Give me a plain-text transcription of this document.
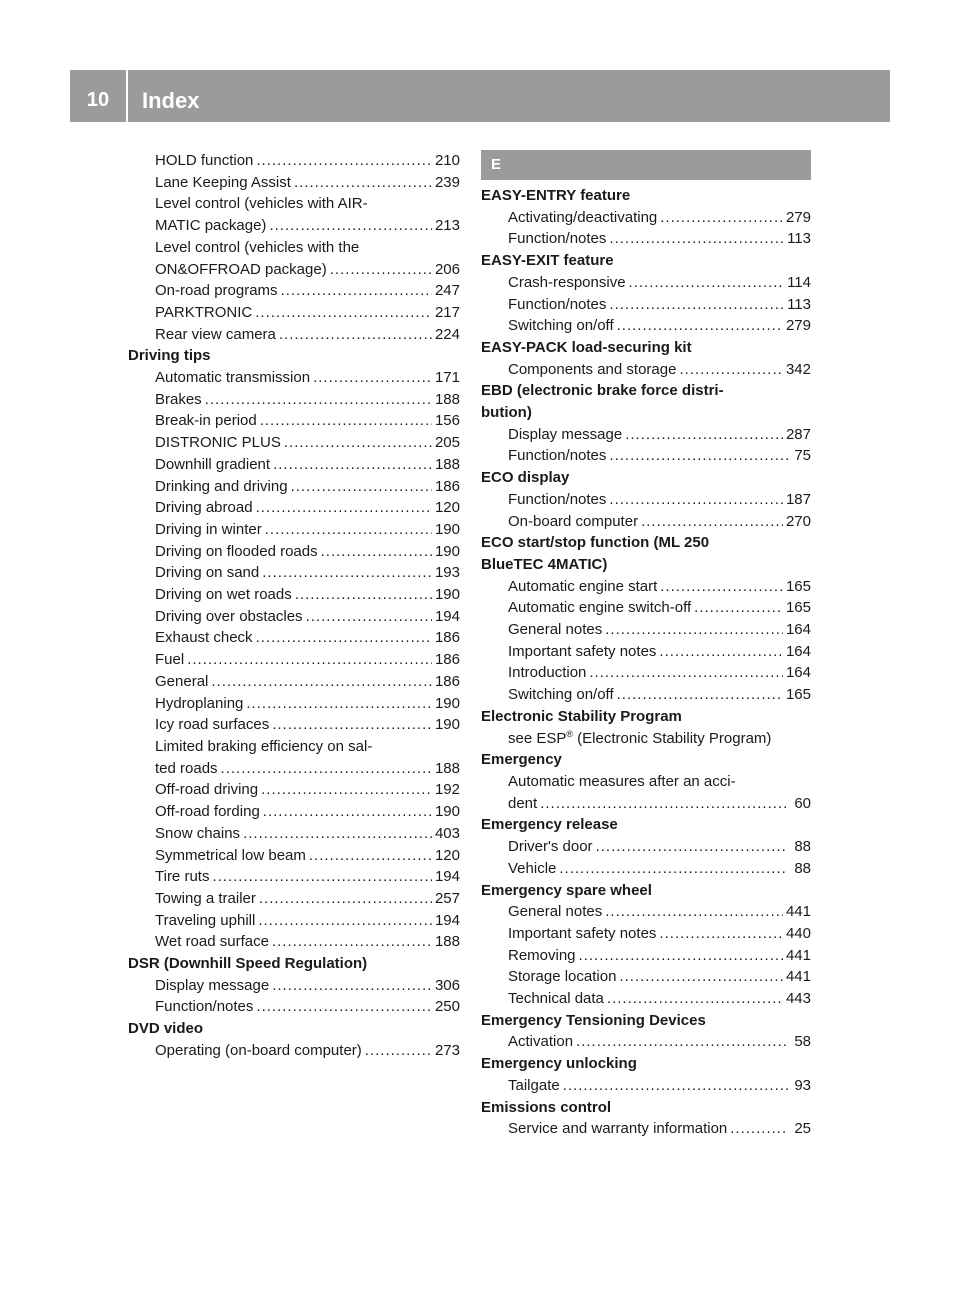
10	Index
HOLD function .....	210
Lane Keeping Assist .....	239
Level control (vehicles with AIR-
MATIC package) .....	213
Level control (vehicles with the
ON&OFFROAD package) .....	206
On-road programs .....	247
PARKTRONIC .....	217
Rear view camera .....	224
Driving tips
Automatic transmission .....	171
Brakes .....	188
Break-in period .....	156
DISTRONIC PLUS .....	205
Downhill gradient .....	188
Drinking and driving .....	186
Driving abroad .....	120
Driving in winter .....	190
Driving on flooded roads .....	190
Driving on sand .....	193
Driving on wet roads .....	190
Driving over obstacles .....	194
Exhaust check .....	186
Fuel .....	186
General .....	186
Hydroplaning .....	190
Icy road surfaces .....	190
Limited braking efficiency on sal-
ted roads .....	188
Off-road driving .....	192
Off-road fording .....	190
Snow chains .....	403
Symmetrical low beam .....	120
Tire ruts .....	194
Towing a trailer .....	257
Traveling uphill .....	194
Wet road surface .....	188
DSR (Downhill Speed Regulation)
Display message .....	306
Function/notes .....	250
DVD video
Operating (on-board computer) .....	273
E
EASY-ENTRY feature
Activating/deactivating .....	279
Function/notes .....	113
EASY-EXIT feature
Crash-responsive .....	114
Function/notes .....	113
Switching on/off .....	279
EASY-PACK load-securing kit
Components and storage .....	342
EBD (electronic brake force distri-
bution)
Display message .....	287
Function/notes .....	75
ECO display
Function/notes .....	187
On-board computer .....	270
ECO start/stop function (ML 250
BlueTEC 4MATIC)
Automatic engine start .....	165
Automatic engine switch-off .....	165
General notes .....	164
Important safety notes .....	164
Introduction .....	164
Switching on/off .....	165
Electronic Stability Program
see ESP® (Electronic Stability Program)
Emergency
Automatic measures after an acci-
dent .....	60
Emergency release
Driver's door .....	88
Vehicle .....	88
Emergency spare wheel
General notes .....	441
Important safety notes .....	440
Removing .....	441
Storage location .....	441
Technical data .....	443
Emergency Tensioning Devices
Activation .....	58
Emergency unlocking
Tailgate .....	93
Emissions control
Service and warranty information .....	25
